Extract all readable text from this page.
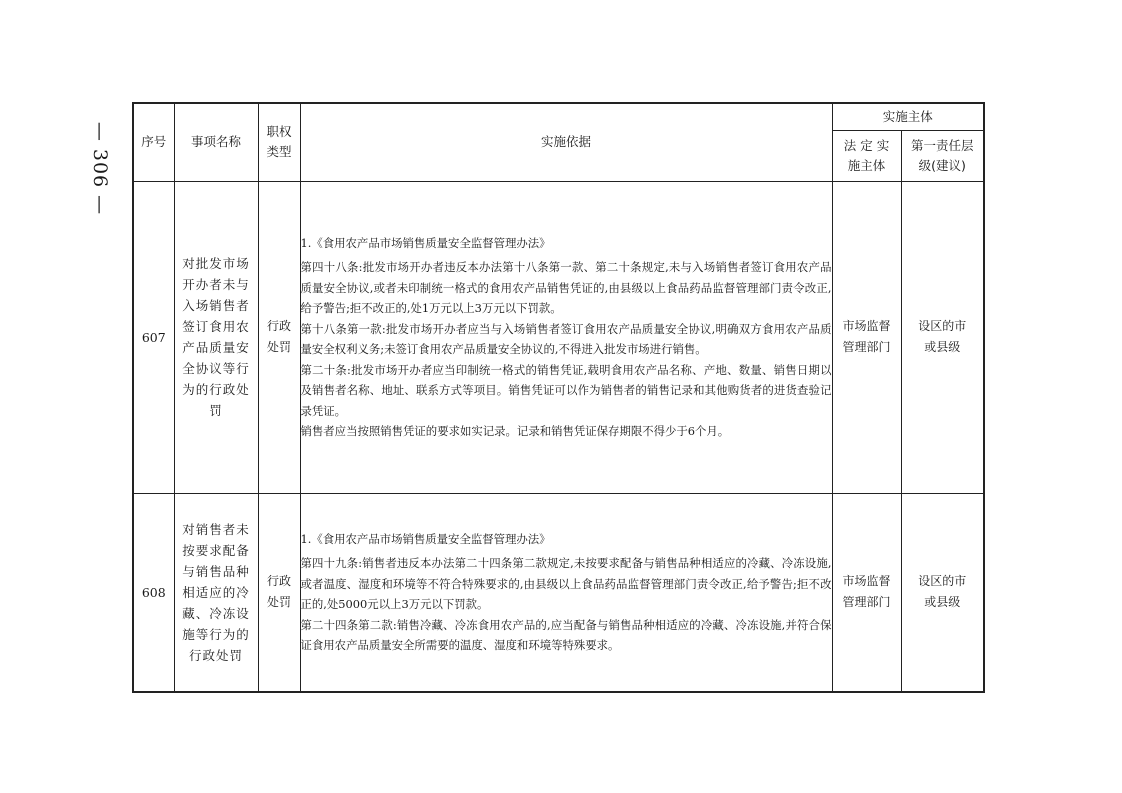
— 306 — 序号	事项名称	职权类型	实施依据	实施主体	

				法 定 实施主体	第一责任层级(建议)

607	对批发市场开办者未与入场销售者签订食用农产品质量安全协议等行为的行政处罚	行政处罚	1.《食用农产品市场销售质量安全监督管理办法》

第四十八条:批发市场开办者违反本办法第十八条第一款、第二十条规定,未与入场销售者签订食用农产品质量安全协议,或者未印制统一格式的食用农产品销售凭证的,由县级以上食品药品监督管理部门责令改正,给予警告;拒不改正的,处1万元以上3万元以下罚款。

第十八条第一款:批发市场开办者应当与入场销售者签订食用农产品质量安全协议,明确双方食用农产品质量安全权利义务;未签订食用农产品质量安全协议的,不得进入批发市场进行销售。

第二十条:批发市场开办者应当印制统一格式的销售凭证,载明食用农产品名称、产地、数量、销售日期以及销售者名称、地址、联系方式等项目。销售凭证可以作为销售者的销售记录和其他购货者的进货查验记录凭证。

销售者应当按照销售凭证的要求如实记录。记录和销售凭证保存期限不得少于6个月。	市场监督管理部门	设区的市或县级

608	对销售者未按要求配备与销售品种相适应的冷藏、冷冻设施等行为的行政处罚	行政处罚	1.《食用农产品市场销售质量安全监督管理办法》

第四十九条:销售者违反本办法第二十四条第二款规定,未按要求配备与销售品种相适应的冷藏、冷冻设施,或者温度、湿度和环境等不符合特殊要求的,由县级以上食品药品监督管理部门责令改正,给予警告;拒不改正的,处5000元以上3万元以下罚款。

第二十四条第二款:销售冷藏、冷冻食用农产品的,应当配备与销售品种相适应的冷藏、冷冻设施,并符合保证食用农产品质量安全所需要的温度、湿度和环境等特殊要求。	市场监督管理部门	设区的市或县级
